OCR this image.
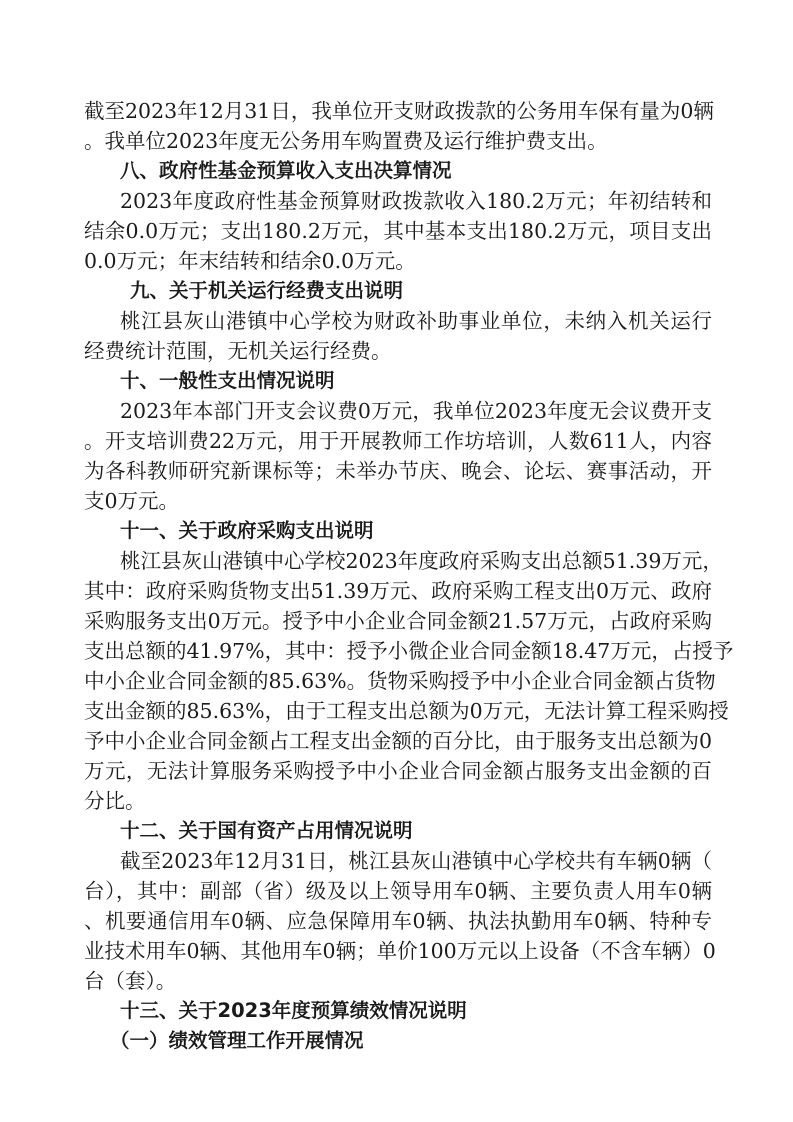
截至2023年12月31日，我单位开支财政拨款的公务用车保有量为0辆
。我单位2023年度无公务用车购置费及运行维护费支出。
八、政府性基金预算收入支出决算情况
2023年度政府性基金预算财政拨款收入180.2万元；年初结转和
结余0.0万元；支出180.2万元，其中基本支出180.2万元，项目支出
0.0万元；年末结转和结余0.0万元。
九、关于机关运行经费支出说明
桃江县灰山港镇中心学校为财政补助事业单位，未纳入机关运行
经费统计范围，无机关运行经费。
十、一般性支出情况说明
2023年本部门开支会议费0万元，我单位2023年度无会议费开支
。开支培训费22万元，用于开展教师工作坊培训，人数611人，内容
为各科教师研究新课标等；未举办节庆、晚会、论坛、赛事活动，开
支0万元。
十一、关于政府采购支出说明
桃江县灰山港镇中心学校2023年度政府采购支出总额51.39万元，
其中：政府采购货物支出51.39万元、政府采购工程支出0万元、政府
采购服务支出0万元。授予中小企业合同金额21.57万元，占政府采购
支出总额的41.97%，其中：授予小微企业合同金额18.47万元，占授予
中小企业合同金额的85.63%。货物采购授予中小企业合同金额占货物
支出金额的85.63%，由于工程支出总额为0万元，无法计算工程采购授
予中小企业合同金额占工程支出金额的百分比，由于服务支出总额为0
万元，无法计算服务采购授予中小企业合同金额占服务支出金额的百
分比。
十二、关于国有资产占用情况说明
截至2023年12月31日，桃江县灰山港镇中心学校共有车辆0辆（
台），其中：副部（省）级及以上领导用车0辆、主要负责人用车0辆
、机要通信用车0辆、应急保障用车0辆、执法执勤用车0辆、特种专
业技术用车0辆、其他用车0辆；单价100万元以上设备（不含车辆）0
台（套）。
十三、关于2023年度预算绩效情况说明
（一）绩效管理工作开展情况
